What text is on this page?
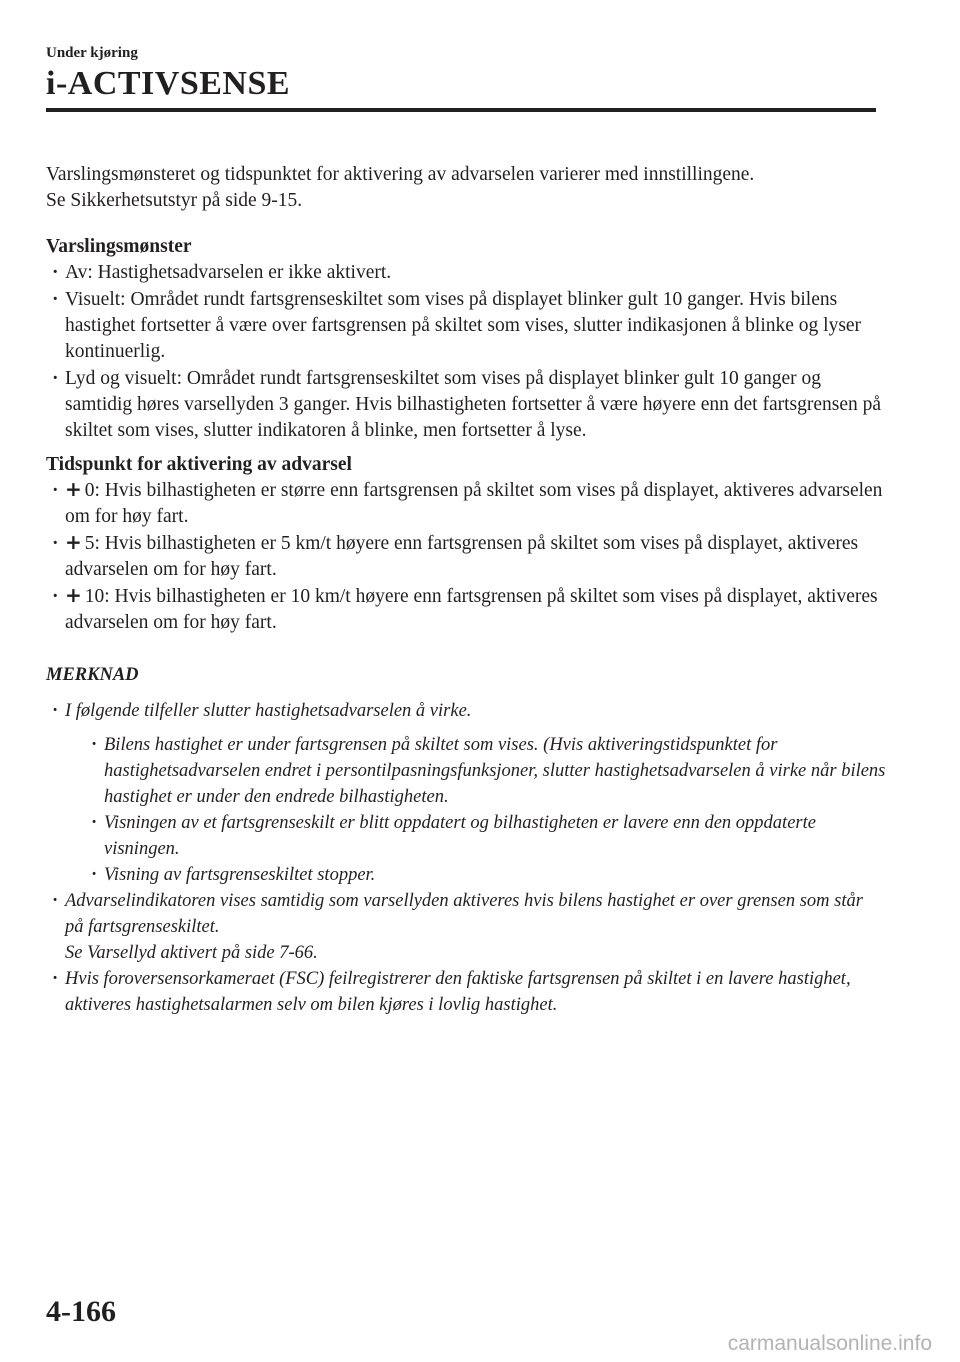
Under kjøring
i-ACTIVSENSE

Varslingsmønsteret og tidspunktet for aktivering av advarselen varierer med innstillingene.

Se Sikkerhetsutstyr på side 9-15.

Varslingsmønster

· Av: Hastighetsadvarselen er ikke aktivert.
· Visuelt: Området rundt fartsgrenseskiltet som vises på displayet blinker gult 10 ganger. Hvis bilens hastighet fortsetter å være over fartsgrensen på skiltet som vises, slutter indikasjonen å blinke og lyser kontinuerlig.
· Lyd og visuelt: Området rundt fartsgrenseskiltet som vises på displayet blinker gult 10 ganger og samtidig høres varsellyden 3 ganger. Hvis bilhastigheten fortsetter å være høyere enn det fartsgrensen på skiltet som vises, slutter indikatoren å blinke, men fortsetter å lyse.

Tidspunkt for aktivering av advarsel

· + 0: Hvis bilhastigheten er større enn fartsgrensen på skiltet som vises på displayet, aktiveres advarselen om for høy fart.
· + 5: Hvis bilhastigheten er 5 km/t høyere enn fartsgrensen på skiltet som vises på displayet, aktiveres advarselen om for høy fart.
· + 10: Hvis bilhastigheten er 10 km/t høyere enn fartsgrensen på skiltet som vises på displayet, aktiveres advarselen om for høy fart.
MERKNAD
· I følgende tilfeller slutter hastighetsadvarselen å virke.
· Bilens hastighet er under fartsgrensen på skiltet som vises. (Hvis aktiveringstidspunktet for hastighetsadvarselen endret i persontilpasningsfunksjoner, slutter hastighetsadvarselen å virke når bilens hastighet er under den endrede bilhastigheten.
· Visningen av et fartsgrenseskilt er blitt oppdatert og bilhastigheten er lavere enn den oppdaterte visningen.
· Visning av fartsgrenseskiltet stopper.
· Advarselindikatoren vises samtidig som varsellyden aktiveres hvis bilens hastighet er over grensen som står på fartsgrenseskiltet.
Se Varsellyd aktivert på side 7-66.
· Hvis foroversensorkameraet (FSC) feilregistrerer den faktiske fartsgrensen på skiltet i en lavere hastighet, aktiveres hastighetsalarmen selv om bilen kjøres i lovlig hastighet.
4-166
carmanualsonline.info
